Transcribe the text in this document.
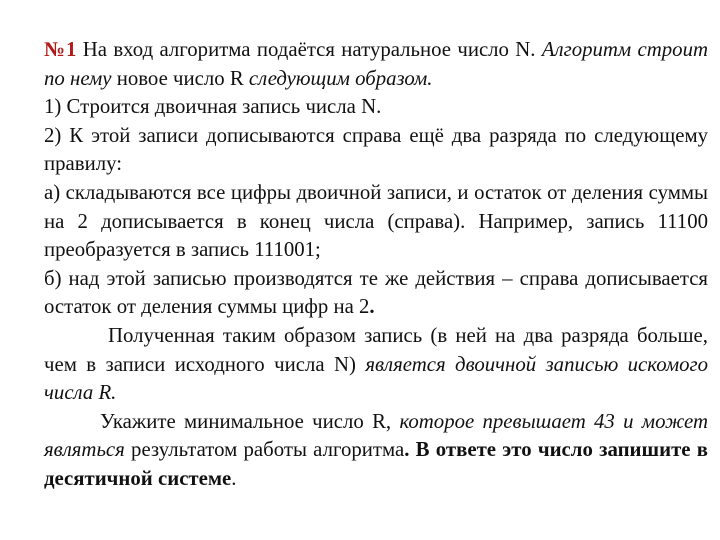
№1 На вход алгоритма подаётся натуральное число N. Алгоритм строит по нему новое число R следующим образом.

1) Строится двоичная запись числа N.

2) К этой записи дописываются справа ещё два разряда по следующему правилу:

а) складываются все цифры двоичной записи, и остаток от деления суммы на 2 дописывается в конец числа (справа). Например, запись 11100 преобразуется в запись 111001;

б) над этой записью производятся те же действия – справа дописывается остаток от деления суммы цифр на 2.

Полученная таким образом запись (в ней на два разряда больше, чем в записи исходного числа N) является двоичной записью искомого числа R.

Укажите минимальное число R, которое превышает 43 и может являться результатом работы алгоритма. В ответе это число запишите в десятичной системе.
